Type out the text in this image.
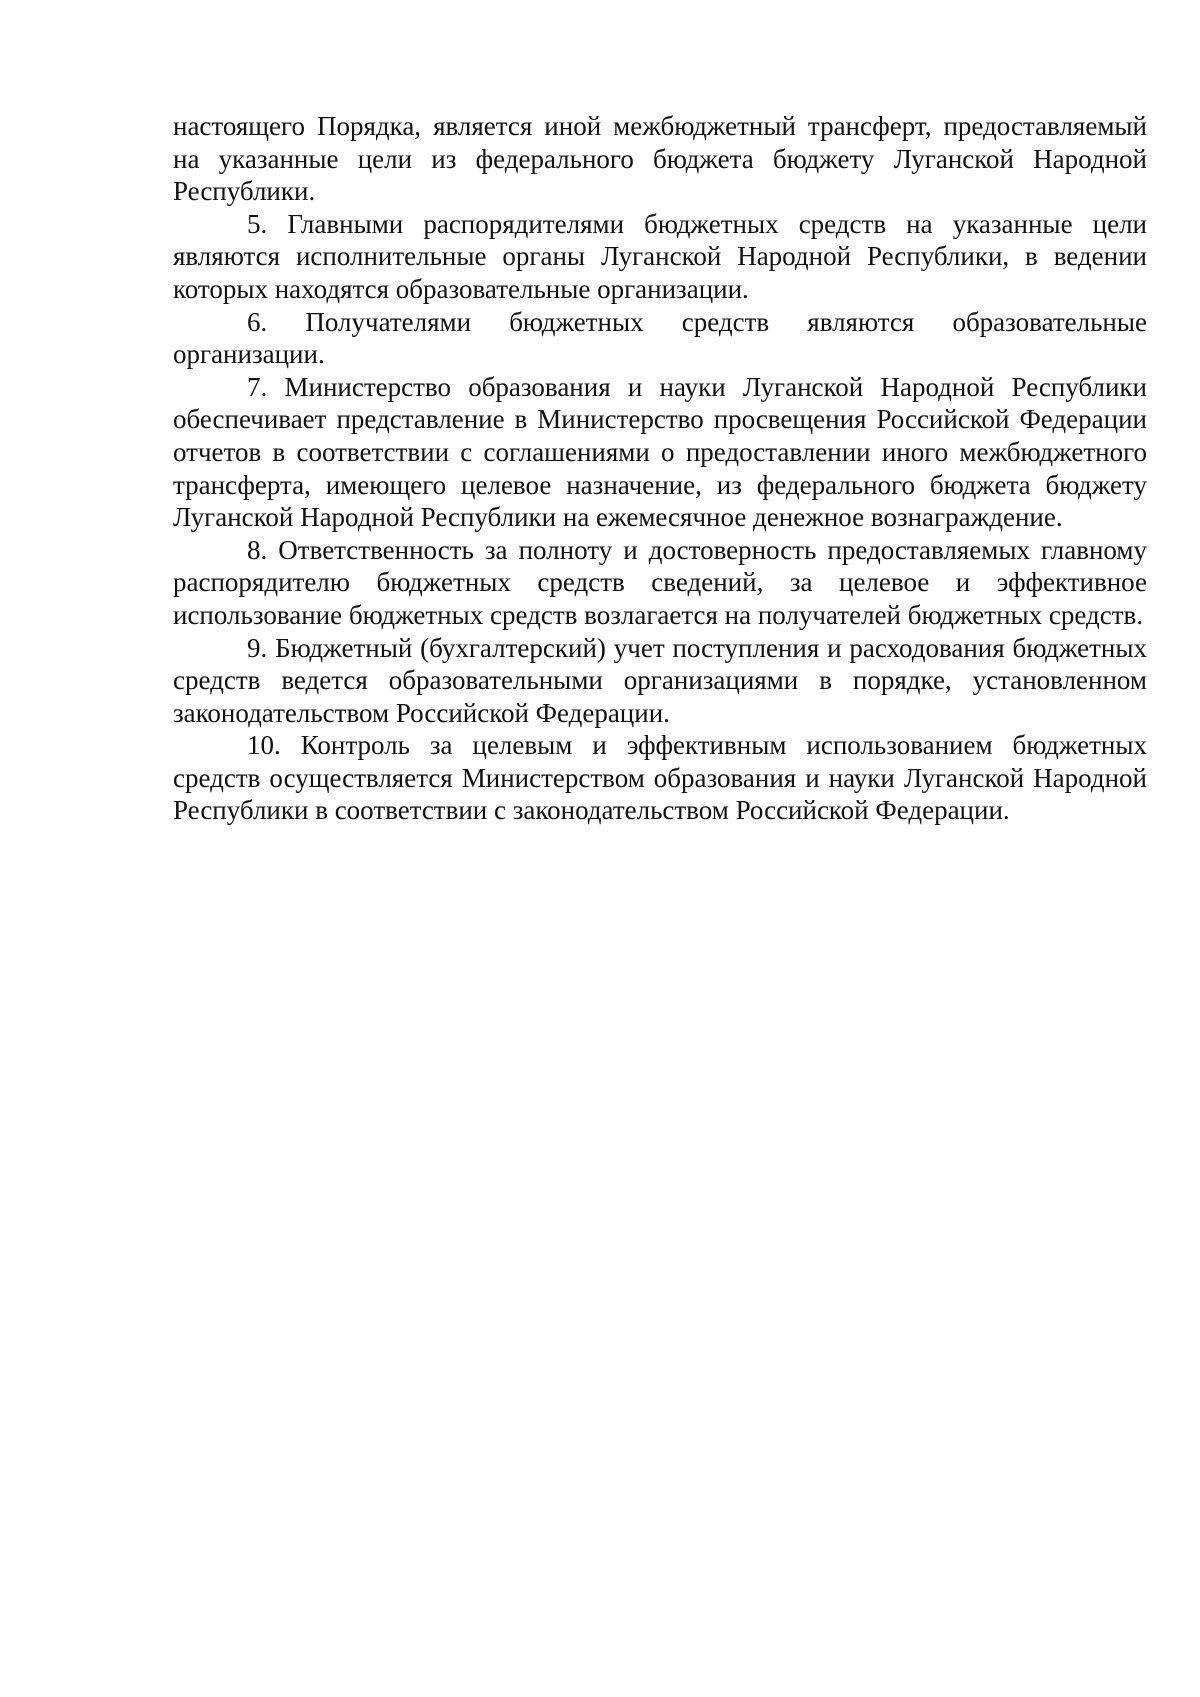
настоящего Порядка, является иной межбюджетный трансферт, предоставляемый на указанные цели из федерального бюджета бюджету Луганской Народной Республики.

5. Главными распорядителями бюджетных средств на указанные цели являются исполнительные органы Луганской Народной Республики, в ведении которых находятся образовательные организации.

6. Получателями бюджетных средств являются образовательные организации.

7. Министерство образования и науки Луганской Народной Республики обеспечивает представление в Министерство просвещения Российской Федерации отчетов в соответствии с соглашениями о предоставлении иного межбюджетного трансферта, имеющего целевое назначение, из федерального бюджета бюджету Луганской Народной Республики на ежемесячное денежное вознаграждение.

8. Ответственность за полноту и достоверность предоставляемых главному распорядителю бюджетных средств сведений, за целевое и эффективное использование бюджетных средств возлагается на получателей бюджетных средств.

9. Бюджетный (бухгалтерский) учет поступления и расходования бюджетных средств ведется образовательными организациями в порядке, установленном законодательством Российской Федерации.

10. Контроль за целевым и эффективным использованием бюджетных средств осуществляется Министерством образования и науки Луганской Народной Республики в соответствии с законодательством Российской Федерации.
